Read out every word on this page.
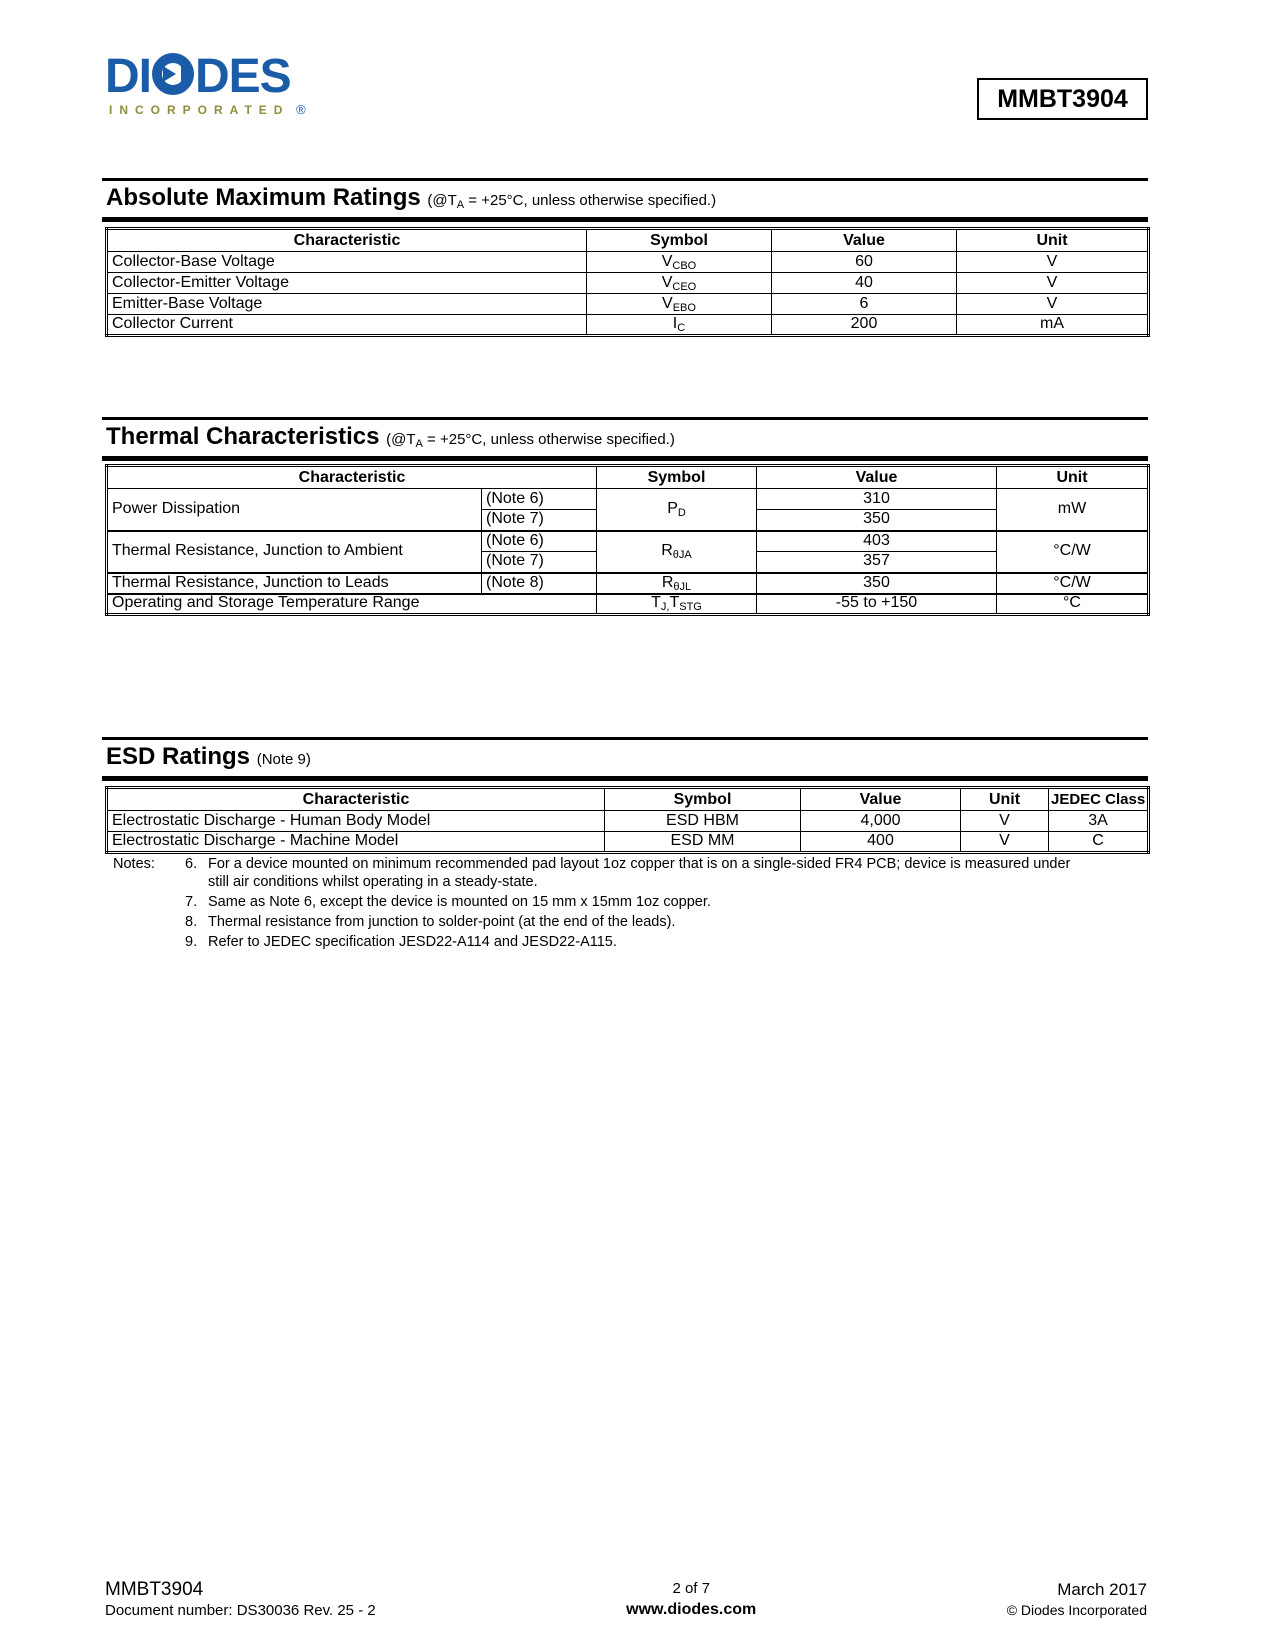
DI DES
INCORPORATED ®	MMBT3904
Absolute Maximum Ratings ($@T_A = +25^\circ C$, unless otherwise specified.)
Characteristic	Symbol	Value	Unit
Collector-Base Voltage	$V_{CBO}$	60	V
Collector-Emitter Voltage	$V_{CEO}$	40	V
Emitter-Base Voltage	$V_{EBO}$	6	V
Collector Current	$I_C$	200	mA
Thermal Characteristics ($@T_A = +25^\circ C$, unless otherwise specified.)
Characteristic		Symbol	Value	Unit
Power Dissipation	(Note 6)	$P_D$	310	mW
	(Note 7)		350	
Thermal Resistance, Junction to Ambient	(Note 6)	$R_{\theta JA}$	403	°C/W
	(Note 7)		357	
Thermal Resistance, Junction to Leads	(Note 8)	$R_{\theta JL}$	350	°C/W
Operating and Storage Temperature Range		$T_{J,}T_{STG}$	-55 to +150	°C
ESD Ratings (Note 9)
Characteristic	Symbol	Value	Unit	JEDEC Class
Electrostatic Discharge - Human Body Model	ESD HBM	4,000	V	3A
Electrostatic Discharge - Machine Model	ESD MM	400	V	C
Notes: 6. For a device mounted on minimum recommended pad layout 1oz copper that is on a single-sided FR4 PCB; device is measured under still air conditions whilst operating in a steady-state.
7. Same as Note 6, except the device is mounted on 15 mm x 15mm 1oz copper.
8. Thermal resistance from junction to solder-point (at the end of the leads).
9. Refer to JEDEC specification JESD22-A114 and JESD22-A115.
MMBT3904
Document number: DS30036 Rev. 25 - 2
2 of 7
www.diodes.com
March 2017
© Diodes Incorporated
